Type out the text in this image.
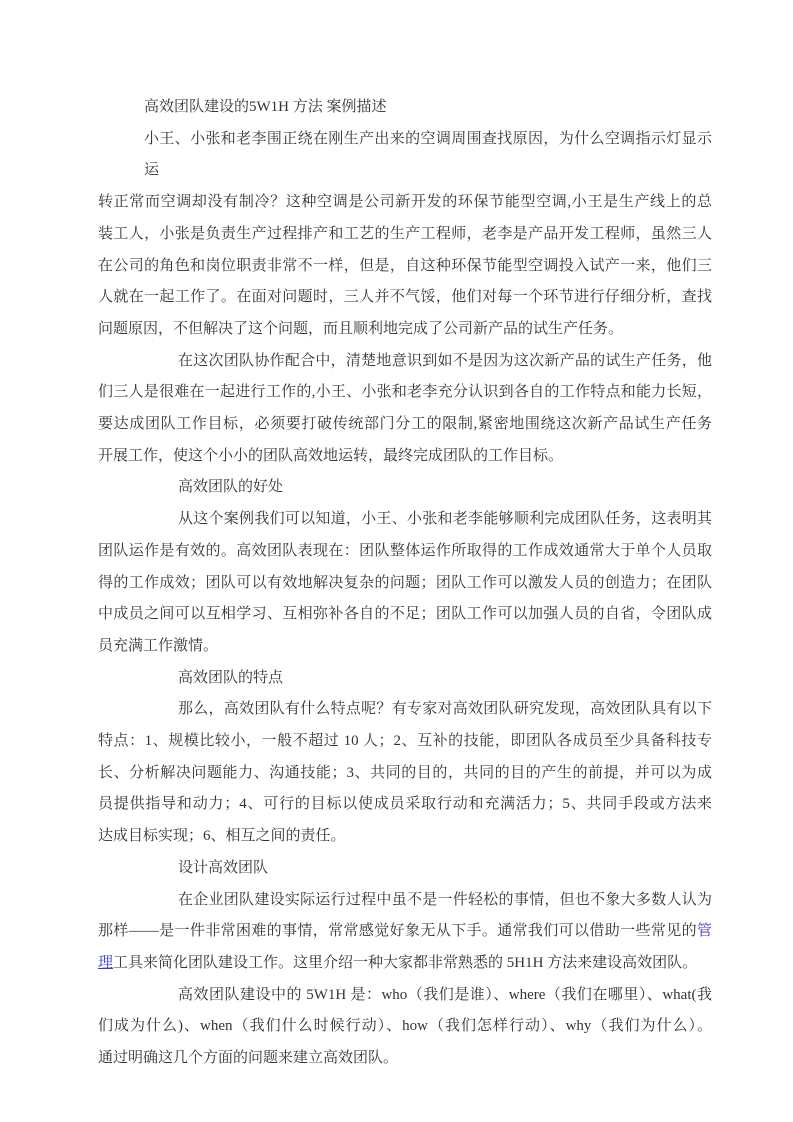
高效团队建设的5W1H 方法 案例描述
小王、小张和老李围正绕在刚生产出来的空调周围查找原因，为什么空调指示灯显示运
转正常而空调却没有制冷？这种空调是公司新开发的环保节能型空调,小王是生产线上的总
装工人，小张是负责生产过程排产和工艺的生产工程师，老李是产品开发工程师，虽然三人
在公司的角色和岗位职责非常不一样，但是，自这种环保节能型空调投入试产一来，他们三
人就在一起工作了。在面对问题时，三人并不气馁，他们对每一个环节进行仔细分析，查找
问题原因，不但解决了这个问题，而且顺利地完成了公司新产品的试生产任务。
在这次团队协作配合中，清楚地意识到如不是因为这次新产品的试生产任务，他
们三人是很难在一起进行工作的,小王、小张和老李充分认识到各自的工作特点和能力长短，
要达成团队工作目标，必须要打破传统部门分工的限制,紧密地围绕这次新产品试生产任务
开展工作，使这个小小的团队高效地运转，最终完成团队的工作目标。
高效团队的好处
从这个案例我们可以知道，小王、小张和老李能够顺利完成团队任务，这表明其
团队运作是有效的。高效团队表现在：团队整体运作所取得的工作成效通常大于单个人员取
得的工作成效；团队可以有效地解决复杂的问题；团队工作可以激发人员的创造力；在团队
中成员之间可以互相学习、互相弥补各自的不足；团队工作可以加强人员的自省，令团队成
员充满工作激情。
高效团队的特点
那么，高效团队有什么特点呢？有专家对高效团队研究发现，高效团队具有以下
特点：1、规模比较小，一般不超过 10 人；2、互补的技能，即团队各成员至少具备科技专
长、分析解决问题能力、沟通技能；3、共同的目的，共同的目的产生的前提，并可以为成
员提供指导和动力；4、可行的目标以使成员采取行动和充满活力；5、共同手段或方法来
达成目标实现；6、相互之间的责任。
设计高效团队
在企业团队建设实际运行过程中虽不是一件轻松的事情，但也不象大多数人认为
那样——是一件非常困难的事情，常常感觉好象无从下手。通常我们可以借助一些常见的管
理工具来简化团队建设工作。这里介绍一种大家都非常熟悉的 5H1H 方法来建设高效团队。
高效团队建设中的 5W1H 是：who（我们是谁）、where（我们在哪里）、what(我
们成为什么)、when（我们什么时候行动）、how（我们怎样行动）、why（我们为什么）。
通过明确这几个方面的问题来建立高效团队。
